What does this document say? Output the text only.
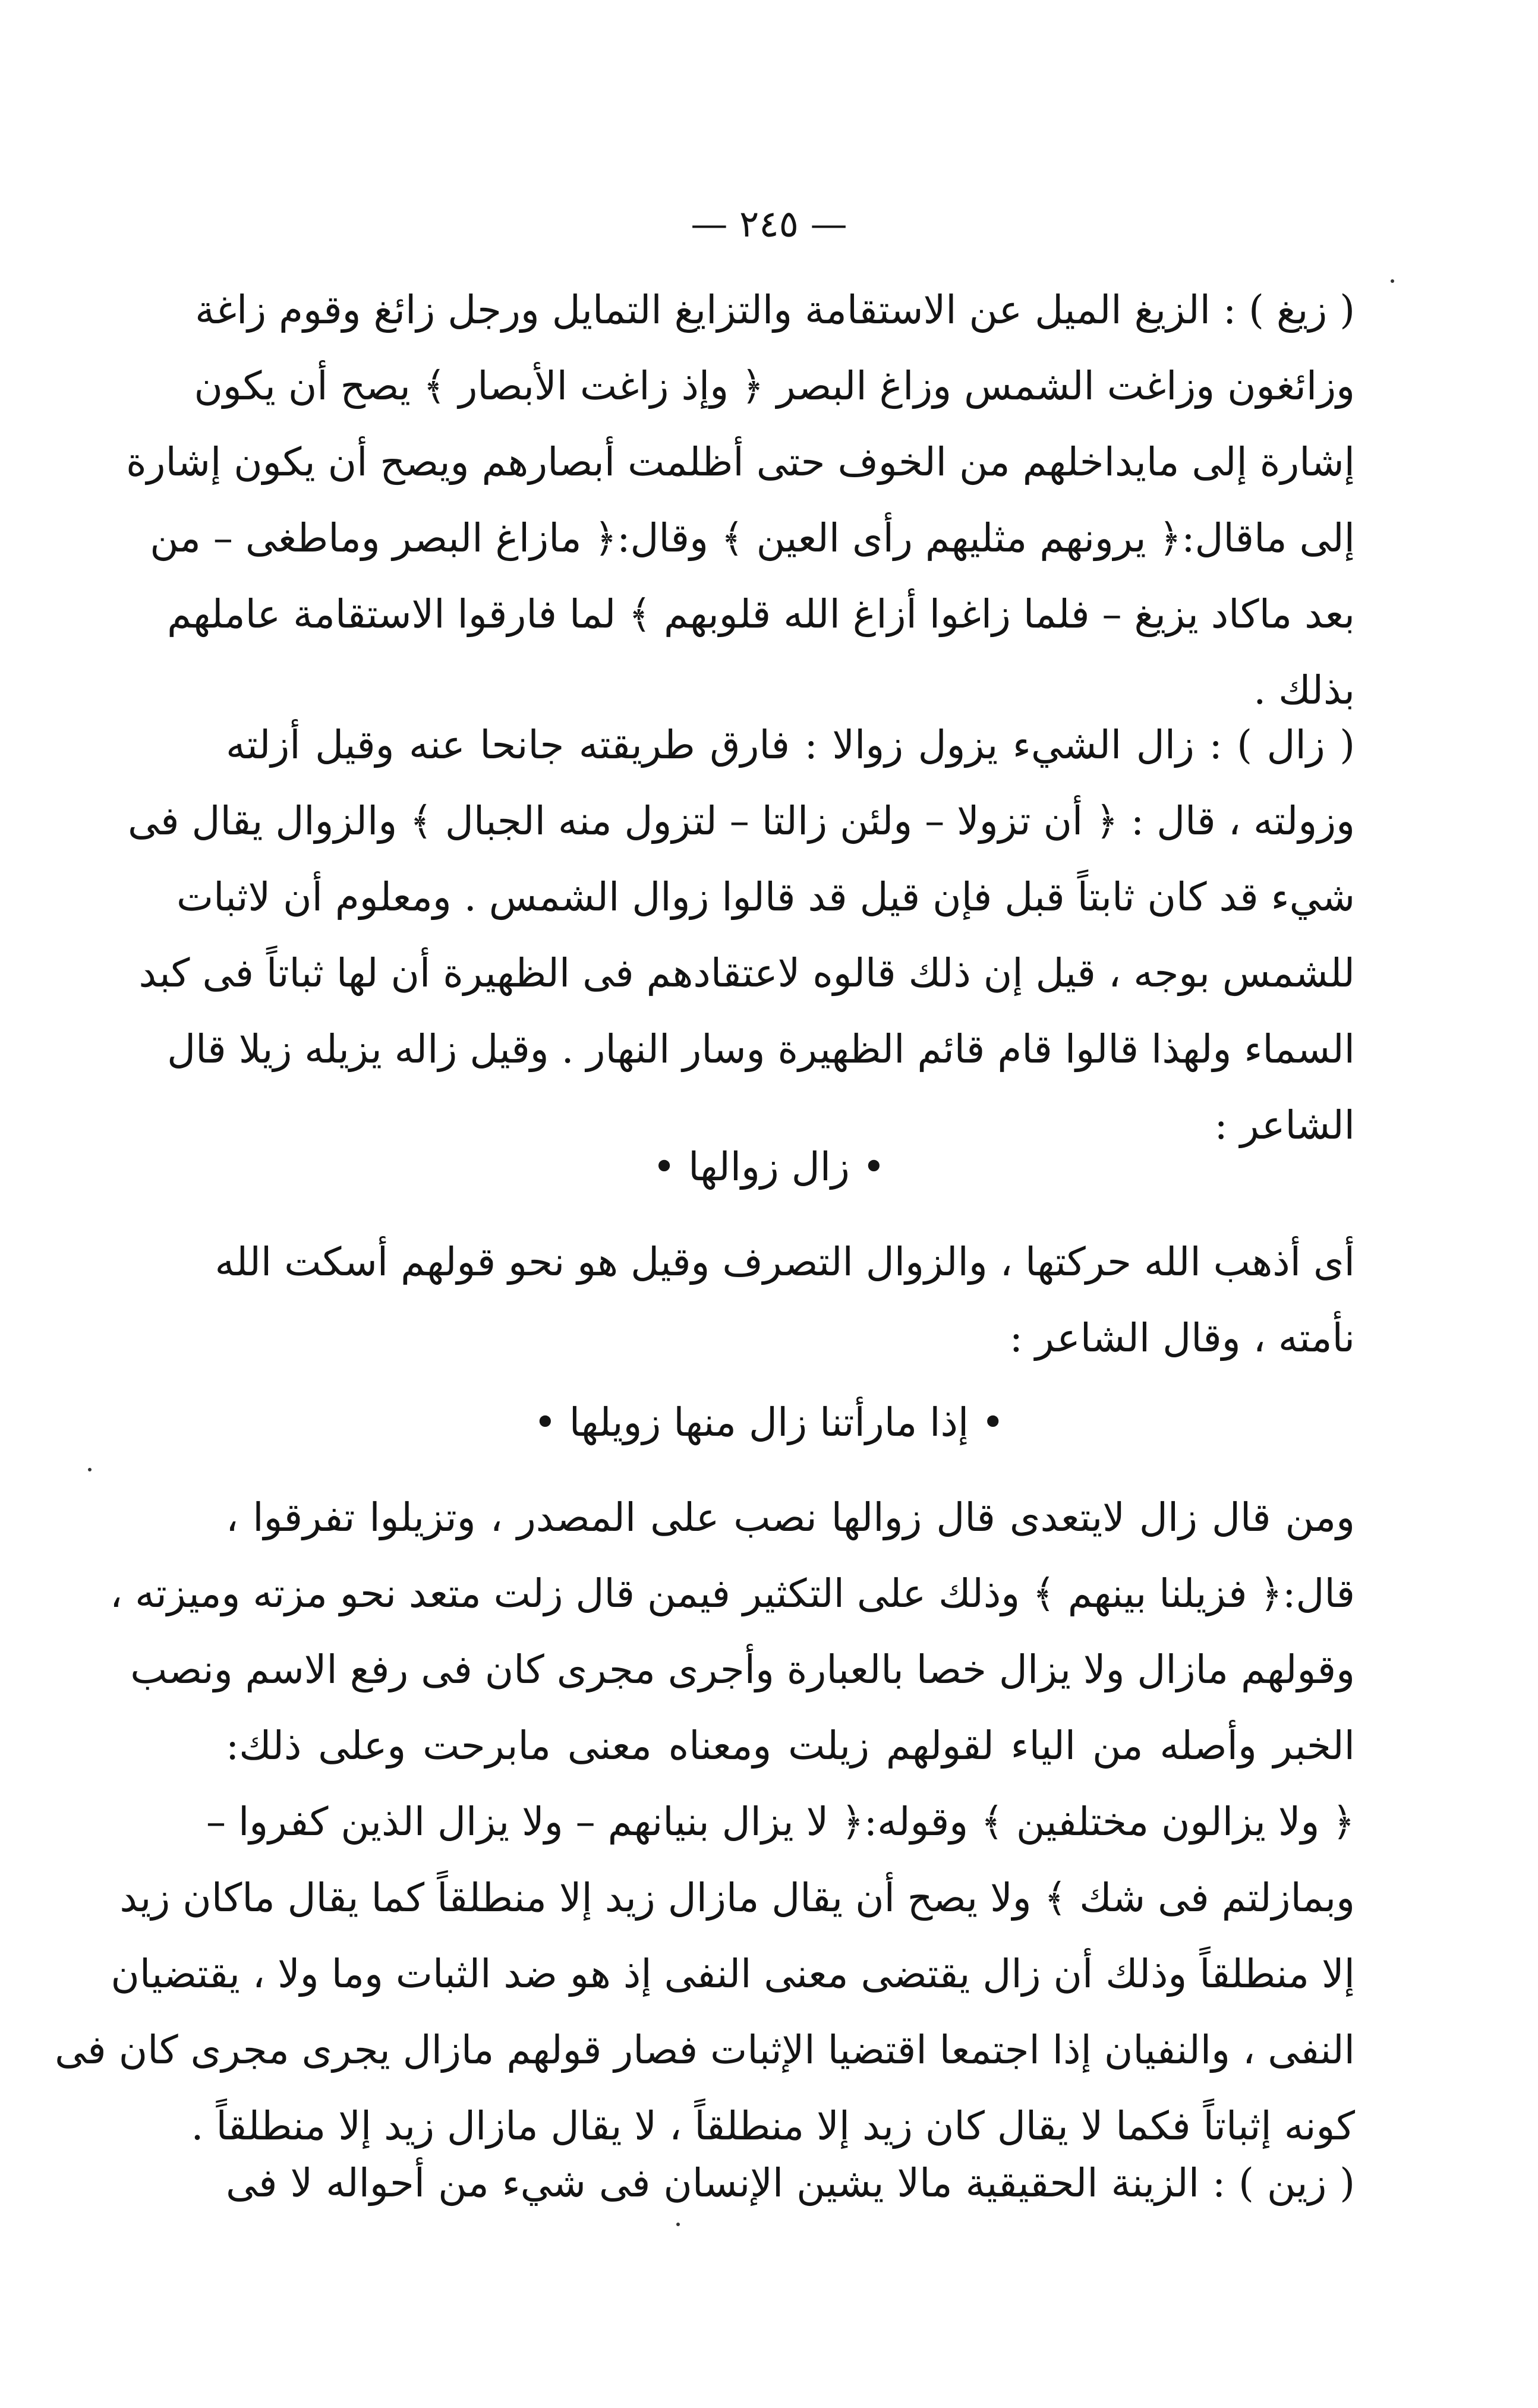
— ٢٤٥ —
( زيغ ) : الزيغ الميل عن الاستقامة والتزايغ التمايل ورجل زائغ وقوم زاغة
وزائغون وزاغت الشمس وزاغ البصر ﴿ وإذ زاغت الأبصار ﴾ يصح أن يكون
إشارة إلى مايداخلهم من الخوف حتى أظلمت أبصارهم ويصح أن يكون إشارة
إلى ماقال:﴿ يرونهم مثليهم رأى العين ﴾ وقال:﴿ مازاغ البصر وماطغى – من
بعد ماكاد يزيغ – فلما زاغوا أزاغ الله قلوبهم ﴾ لما فارقوا الاستقامة عاملهم
بذلك .
( زال ) : زال الشيء يزول زوالا : فارق طريقته جانحا عنه وقيل أزلته
وزولته ، قال : ﴿ أن تزولا – ولئن زالتا – لتزول منه الجبال ﴾ والزوال يقال فى
شيء قد كان ثابتاً قبل فإن قيل قد قالوا زوال الشمس . ومعلوم أن لاثبات
للشمس بوجه ، قيل إن ذلك قالوه لاعتقادهم فى الظهيرة أن لها ثباتاً فى كبد
السماء ولهذا قالوا قام قائم الظهيرة وسار النهار . وقيل زاله يزيله زيلا قال
الشاعر :
• زال زوالها •
أى أذهب الله حركتها ، والزوال التصرف وقيل هو نحو قولهم أسكت الله
نأمته ، وقال الشاعر :
• إذا مارأتنا زال منها زويلها •
ومن قال زال لايتعدى قال زوالها نصب على المصدر ، وتزيلوا تفرقوا ،
قال:﴿ فزيلنا بينهم ﴾ وذلك على التكثير فيمن قال زلت متعد نحو مزته وميزته ،
وقولهم مازال ولا يزال خصا بالعبارة وأجرى مجرى كان فى رفع الاسم ونصب
الخبر وأصله من الياء لقولهم زيلت ومعناه معنى مابرحت وعلى ذلك:
﴿ ولا يزالون مختلفين ﴾ وقوله:﴿ لا يزال بنيانهم – ولا يزال الذين كفروا –
وبمازلتم فى شك ﴾ ولا يصح أن يقال مازال زيد إلا منطلقاً كما يقال ماكان زيد
إلا منطلقاً وذلك أن زال يقتضى معنى النفى إذ هو ضد الثبات وما ولا ، يقتضيان
النفى ، والنفيان إذا اجتمعا اقتضيا الإثبات فصار قولهم مازال يجرى مجرى كان فى
كونه إثباتاً فكما لا يقال كان زيد إلا منطلقاً ، لا يقال مازال زيد إلا منطلقاً .
( زين ) : الزينة الحقيقية مالا يشين الإنسان فى شيء من أحواله لا فى
